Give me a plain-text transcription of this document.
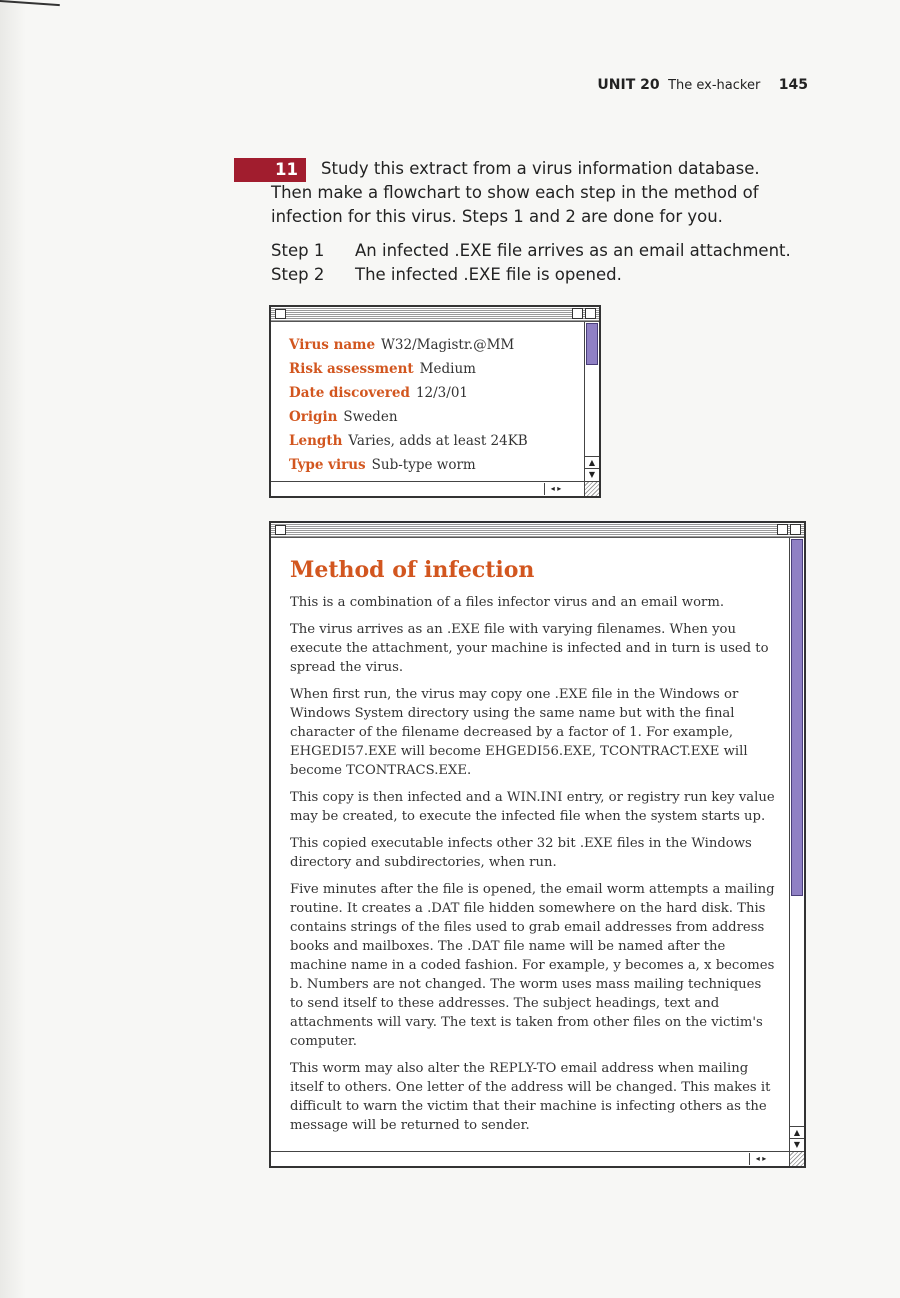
UNIT 20 The ex-hacker 145
11	Study this extract from a virus information database. Then make a flowchart to show each step in the method of infection for this virus. Steps 1 and 2 are done for you.

Step 1	An infected .EXE file arrives as an email attachment.
Step 2	The infected .EXE file is opened.
Virus name W32/Magistr.@MM
Risk assessment Medium
Date discovered 12/3/01
Origin Sweden
Length Varies, adds at least 24KB
Type virus Sub-type worm	▲
▼
◂ ▸
Method of infection

This is a combination of a files infector virus and an email worm.

The virus arrives as an .EXE file with varying filenames. When you execute the attachment, your machine is infected and in turn is used to spread the virus.

When first run, the virus may copy one .EXE file in the Windows or Windows System directory using the same name but with the final character of the filename decreased by a factor of 1. For example, EHGEDI57.EXE will become EHGEDI56.EXE, TCONTRACT.EXE will become TCONTRACS.EXE.

This copy is then infected and a WIN.INI entry, or registry run key value may be created, to execute the infected file when the system starts up.

This copied executable infects other 32 bit .EXE files in the Windows directory and subdirectories, when run.

Five minutes after the file is opened, the email worm attempts a mailing routine. It creates a .DAT file hidden somewhere on the hard disk. This contains strings of the files used to grab email addresses from address books and mailboxes. The .DAT file name will be named after the machine name in a coded fashion. For example, y becomes a, x becomes b. Numbers are not changed. The worm uses mass mailing techniques to send itself to these addresses. The subject headings, text and attachments will vary. The text is taken from other files on the victim's computer.

This worm may also alter the REPLY-TO email address when mailing itself to others. One letter of the address will be changed. This makes it difficult to warn the victim that their machine is infecting others as the message will be returned to sender.	▲
▼
◂ ▸
